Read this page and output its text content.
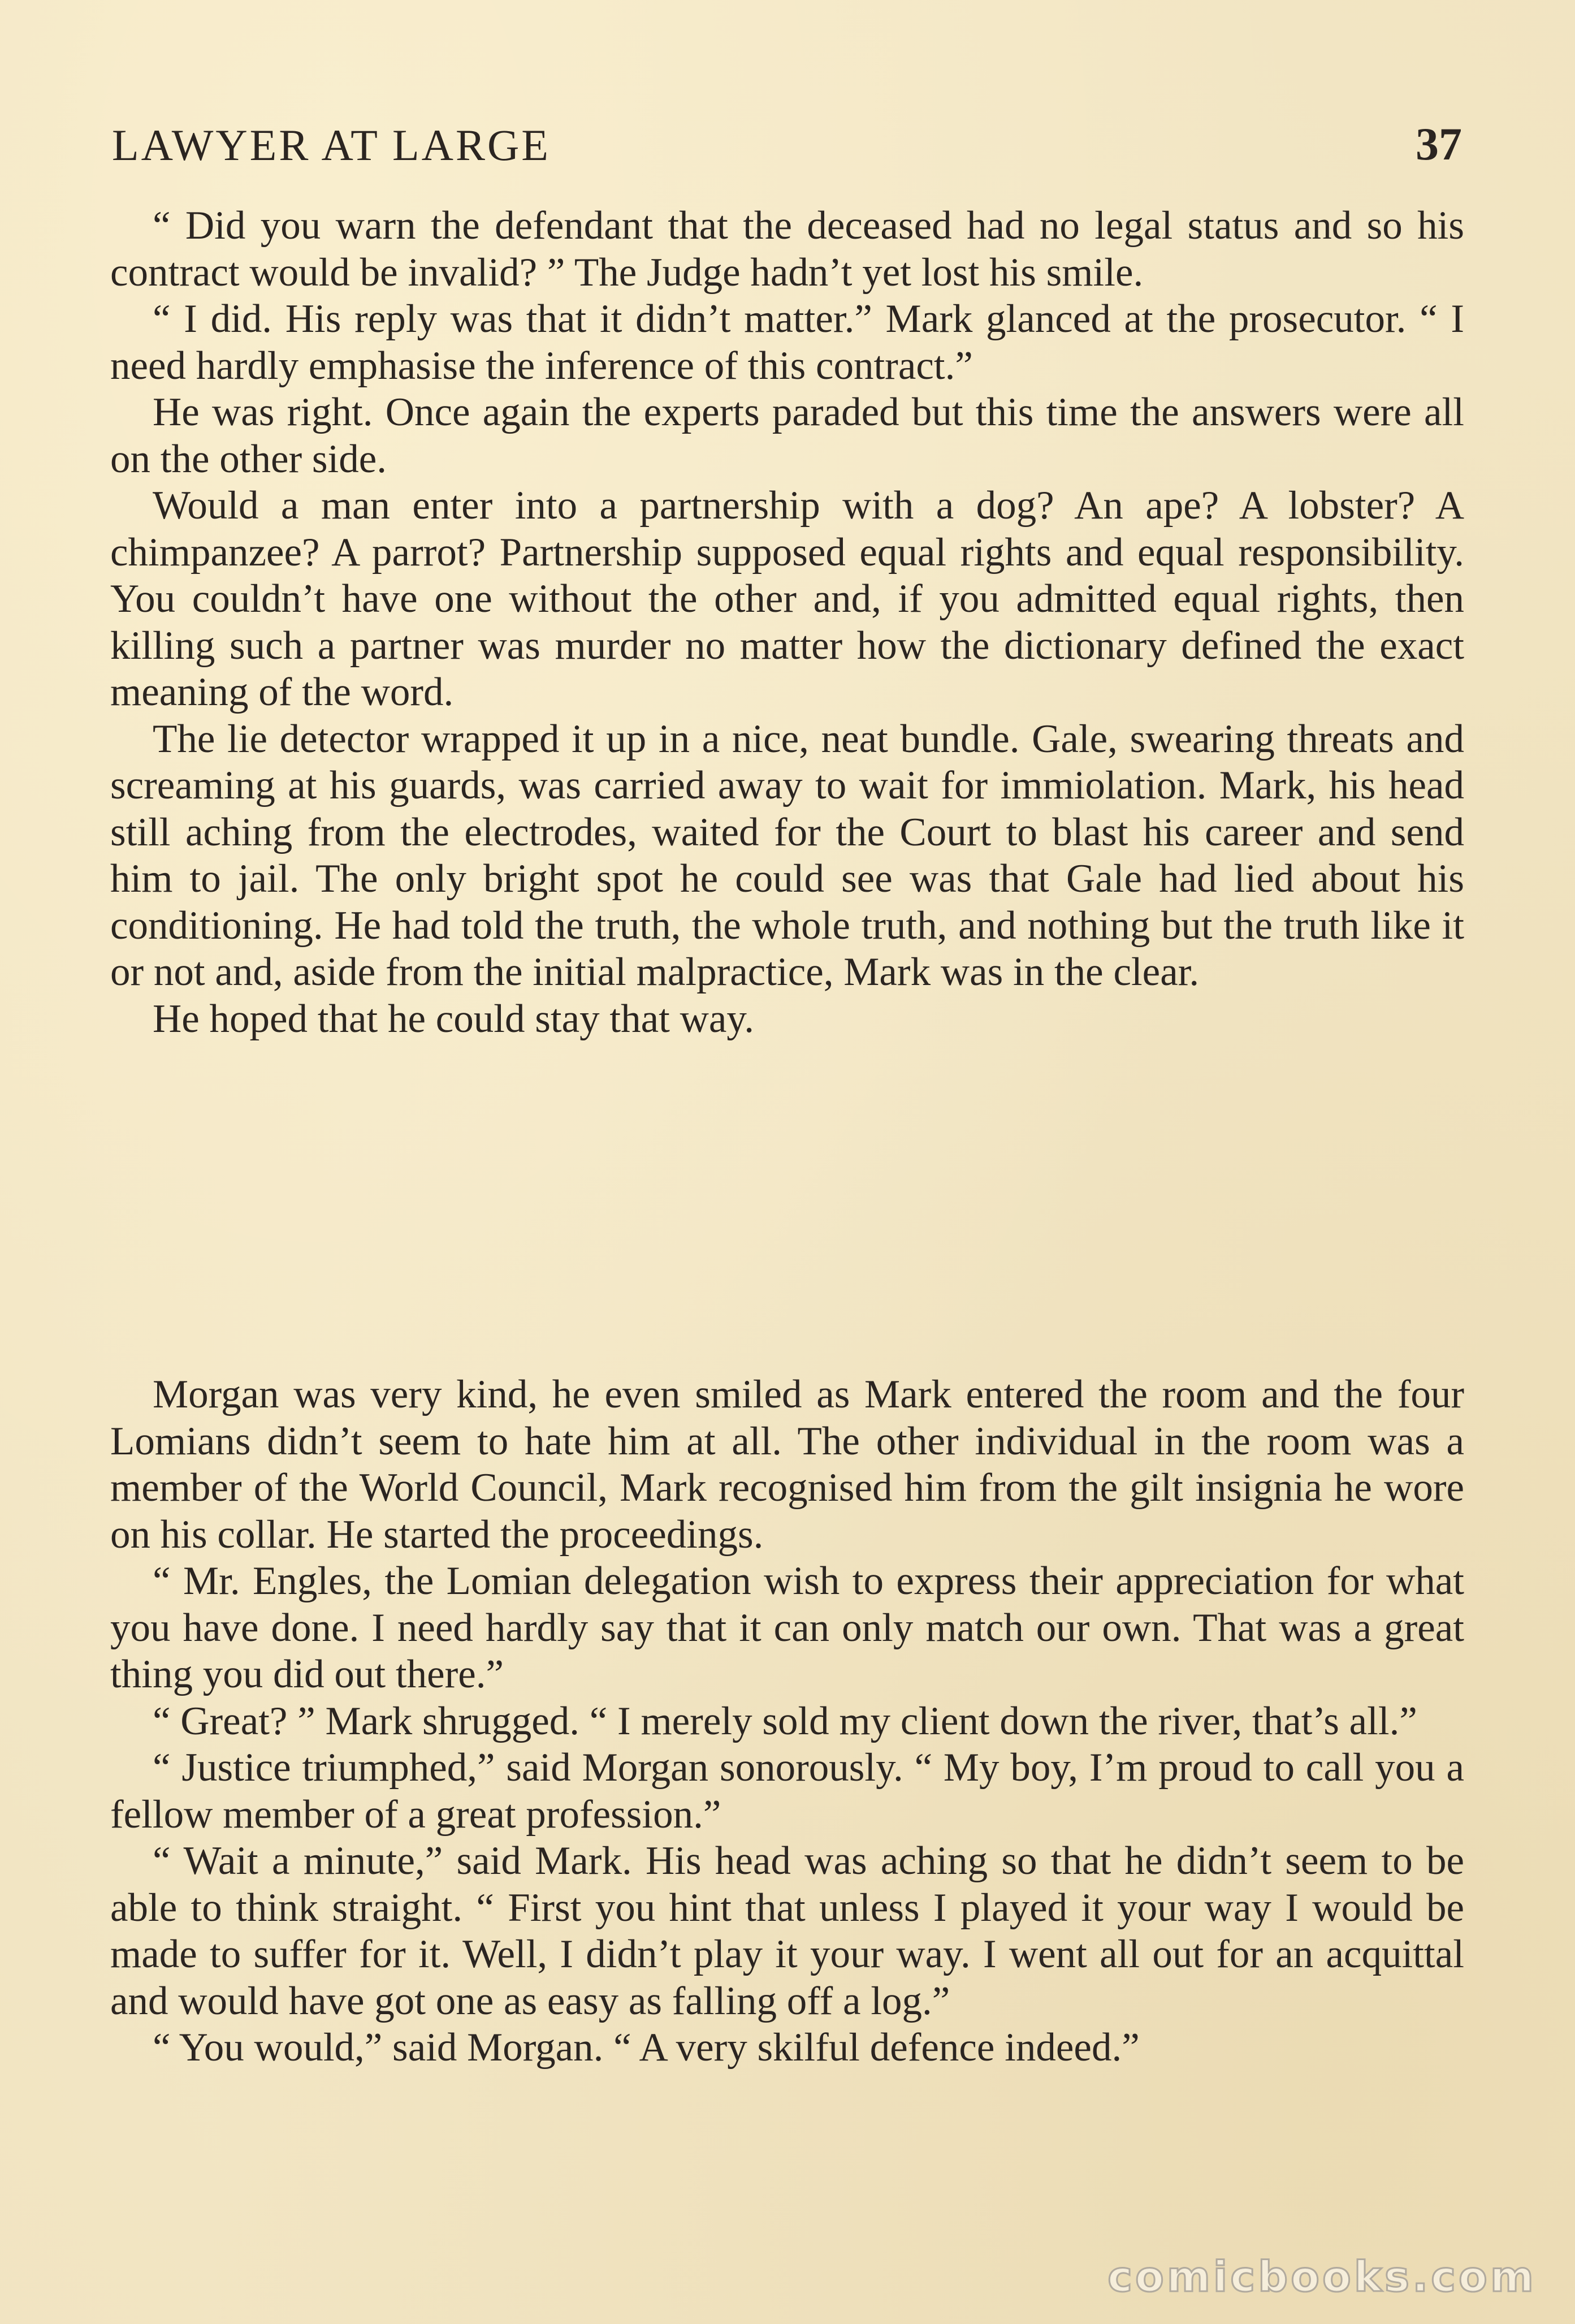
LAWYER AT LARGE	37

“ Did you warn the defendant that the deceased had no legal status and so his contract would be invalid? ” The Judge hadn’t yet lost his smile.

“ I did. His reply was that it didn’t matter.” Mark glanced at the prosecutor. “ I need hardly emphasise the inference of this contract.”

He was right. Once again the experts paraded but this time the answers were all on the other side.

Would a man enter into a partnership with a dog? An ape? A lobster? A chimpanzee? A parrot? Partnership supposed equal rights and equal responsibility. You couldn’t have one without the other and, if you admitted equal rights, then killing such a partner was murder no matter how the dictionary defined the exact meaning of the word.

The lie detector wrapped it up in a nice, neat bundle. Gale, swearing threats and screaming at his guards, was carried away to wait for immiolation. Mark, his head still aching from the electrodes, waited for the Court to blast his career and send him to jail. The only bright spot he could see was that Gale had lied about his conditioning. He had told the truth, the whole truth, and nothing but the truth like it or not and, aside from the initial malpractice, Mark was in the clear.

He hoped that he could stay that way.

Morgan was very kind, he even smiled as Mark entered the room and the four Lomians didn’t seem to hate him at all. The other individual in the room was a member of the World Council, Mark recognised him from the gilt insignia he wore on his collar. He started the proceedings.

“ Mr. Engles, the Lomian delegation wish to express their appreciation for what you have done. I need hardly say that it can only match our own. That was a great thing you did out there.”

“ Great? ” Mark shrugged. “ I merely sold my client down the river, that’s all.”

“ Justice triumphed,” said Morgan sonorously. “ My boy, I’m proud to call you a fellow member of a great profession.”

“ Wait a minute,” said Mark. His head was aching so that he didn’t seem to be able to think straight. “ First you hint that unless I played it your way I would be made to suffer for it. Well, I didn’t play it your way. I went all out for an acquittal and would have got one as easy as falling off a log.”

“ You would,” said Morgan. “ A very skilful defence indeed.”

comicbooks.com
